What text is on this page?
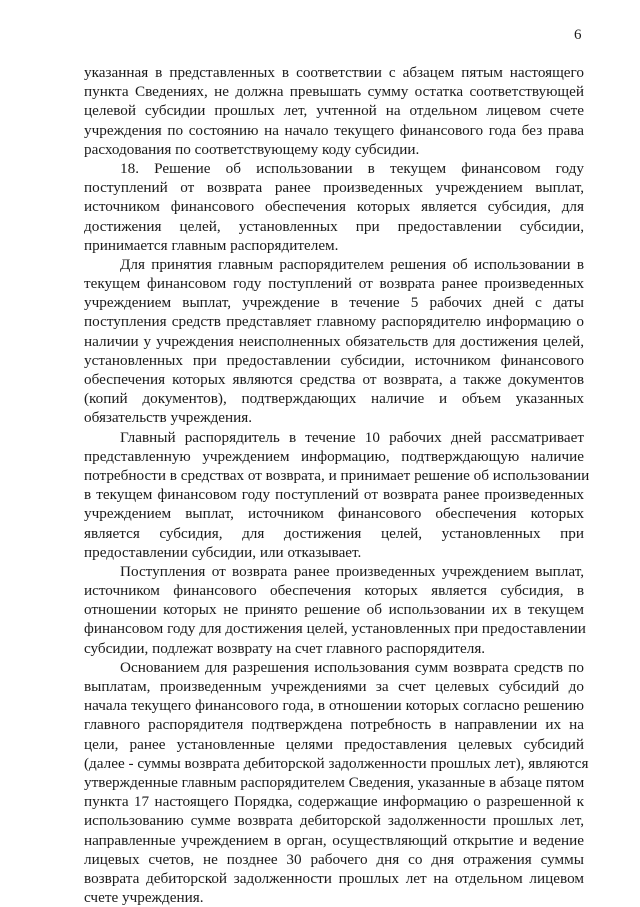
6
указанная в представленных в соответствии с абзацем пятым настоящего
пункта Сведениях, не должна превышать сумму остатка соответствующей
целевой субсидии прошлых лет, учтенной на отдельном лицевом счете
учреждения по состоянию на начало текущего финансового года без права
расходования по соответствующему коду субсидии.
18. Решение об использовании в текущем финансовом году
поступлений от возврата ранее произведенных учреждением выплат,
источником финансового обеспечения которых является субсидия, для
достижения целей, установленных при предоставлении субсидии,
принимается главным распорядителем.
Для принятия главным распорядителем решения об использовании в
текущем финансовом году поступлений от возврата ранее произведенных
учреждением выплат, учреждение в течение 5 рабочих дней с даты
поступления средств представляет главному распорядителю информацию о
наличии у учреждения неисполненных обязательств для достижения целей,
установленных при предоставлении субсидии, источником финансового
обеспечения которых являются средства от возврата, а также документов
(копий документов), подтверждающих наличие и объем указанных
обязательств учреждения.
Главный распорядитель в течение 10 рабочих дней рассматривает
представленную учреждением информацию, подтверждающую наличие
потребности в средствах от возврата, и принимает решение об использовании
в текущем финансовом году поступлений от возврата ранее произведенных
учреждением выплат, источником финансового обеспечения которых
является субсидия, для достижения целей, установленных при
предоставлении субсидии, или отказывает.
Поступления от возврата ранее произведенных учреждением выплат,
источником финансового обеспечения которых является субсидия, в
отношении которых не принято решение об использовании их в текущем
финансовом году для достижения целей, установленных при предоставлении
субсидии, подлежат возврату на счет главного распорядителя.
Основанием для разрешения использования сумм возврата средств по
выплатам, произведенным учреждениями за счет целевых субсидий до
начала текущего финансового года, в отношении которых согласно решению
главного распорядителя подтверждена потребность в направлении их на
цели, ранее установленные целями предоставления целевых субсидий
(далее - суммы возврата дебиторской задолженности прошлых лет), являются
утвержденные главным распорядителем Сведения, указанные в абзаце пятом
пункта 17 настоящего Порядка, содержащие информацию о разрешенной к
использованию сумме возврата дебиторской задолженности прошлых лет,
направленные учреждением в орган, осуществляющий открытие и ведение
лицевых счетов, не позднее 30 рабочего дня со дня отражения суммы
возврата дебиторской задолженности прошлых лет на отдельном лицевом
счете учреждения.
